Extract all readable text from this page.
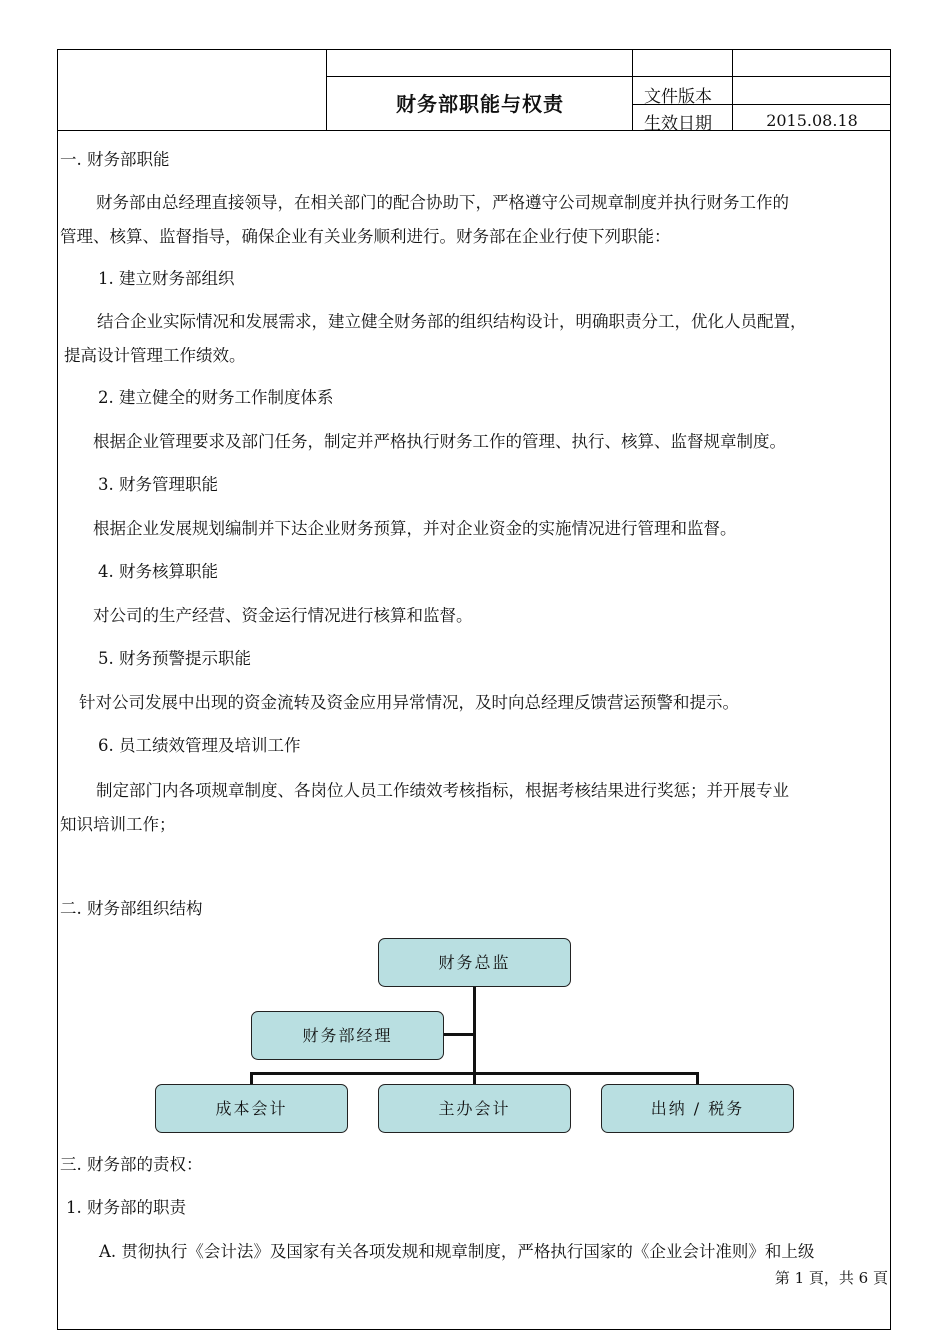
财务部职能与权责	文件版本
生效日期	2015.08.18
一. 财务部职能
财务部由总经理直接领导，在相关部门的配合协助下，严格遵守公司规章制度并执行财务工作的
管理、核算、监督指导，确保企业有关业务顺利进行。财务部在企业行使下列职能：
1. 建立财务部组织
结合企业实际情况和发展需求，建立健全财务部的组织结构设计，明确职责分工，优化人员配置，
提高设计管理工作绩效。
2. 建立健全的财务工作制度体系
根据企业管理要求及部门任务，制定并严格执行财务工作的管理、执行、核算、监督规章制度。
3. 财务管理职能
根据企业发展规划编制并下达企业财务预算，并对企业资金的实施情况进行管理和监督。
4. 财务核算职能
对公司的生产经营、资金运行情况进行核算和监督。
5. 财务预警提示职能
针对公司发展中出现的资金流转及资金应用异常情况，及时向总经理反馈营运预警和提示。
6. 员工绩效管理及培训工作
制定部门内各项规章制度、各岗位人员工作绩效考核指标，根据考核结果进行奖惩；并开展专业
知识培训工作；
二. 财务部组织结构
财务总监
财务部经理
成本会计	主办会计	出纳 / 税务
三. 财务部的责权：
1. 财务部的职责
A. 贯彻执行《会计法》及国家有关各项发规和规章制度，严格执行国家的《企业会计准则》和上级
第 1 頁，共 6 頁
